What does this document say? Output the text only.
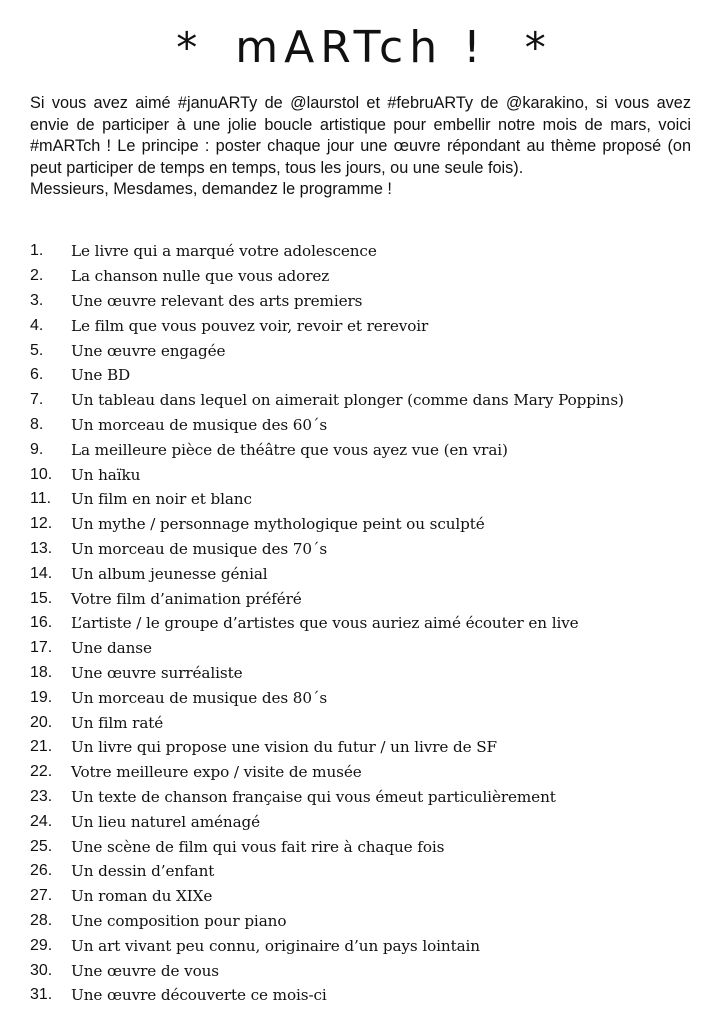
* mARTch ! *

Si vous avez aimé #januARTy de @laurstol et #februARTy de @karakino, si vous avez envie de participer à une jolie boucle artistique pour embellir notre mois de mars, voici #mARTch ! Le principe : poster chaque jour une œuvre répondant au thème proposé (on peut participer de temps en temps, tous les jours, ou une seule fois).

Messieurs, Mesdames, demandez le programme !

1.	Le livre qui a marqué votre adolescence
2.	La chanson nulle que vous adorez
3.	Une œuvre relevant des arts premiers
4.	Le film que vous pouvez voir, revoir et rerevoir
5.	Une œuvre engagée
6.	Une BD
7.	Un tableau dans lequel on aimerait plonger (comme dans Mary Poppins)
8.	Un morceau de musique des 60´s
9.	La meilleure pièce de théâtre que vous ayez vue (en vrai)
10.	Un haïku
11.	Un film en noir et blanc
12.	Un mythe / personnage mythologique peint ou sculpté
13.	Un morceau de musique des 70´s
14.	Un album jeunesse génial
15.	Votre film d’animation préféré
16.	L’artiste / le groupe d’artistes que vous auriez aimé écouter en live
17.	Une danse
18.	Une œuvre surréaliste
19.	Un morceau de musique des 80´s
20.	Un film raté
21.	Un livre qui propose une vision du futur / un livre de SF
22.	Votre meilleure expo / visite de musée
23.	Un texte de chanson française qui vous émeut particulièrement
24.	Un lieu naturel aménagé
25.	Une scène de film qui vous fait rire à chaque fois
26.	Un dessin d’enfant
27.	Un roman du XIXe
28.	Une composition pour piano
29.	Un art vivant peu connu, originaire d’un pays lointain
30.	Une œuvre de vous
31.	Une œuvre découverte ce mois-ci
